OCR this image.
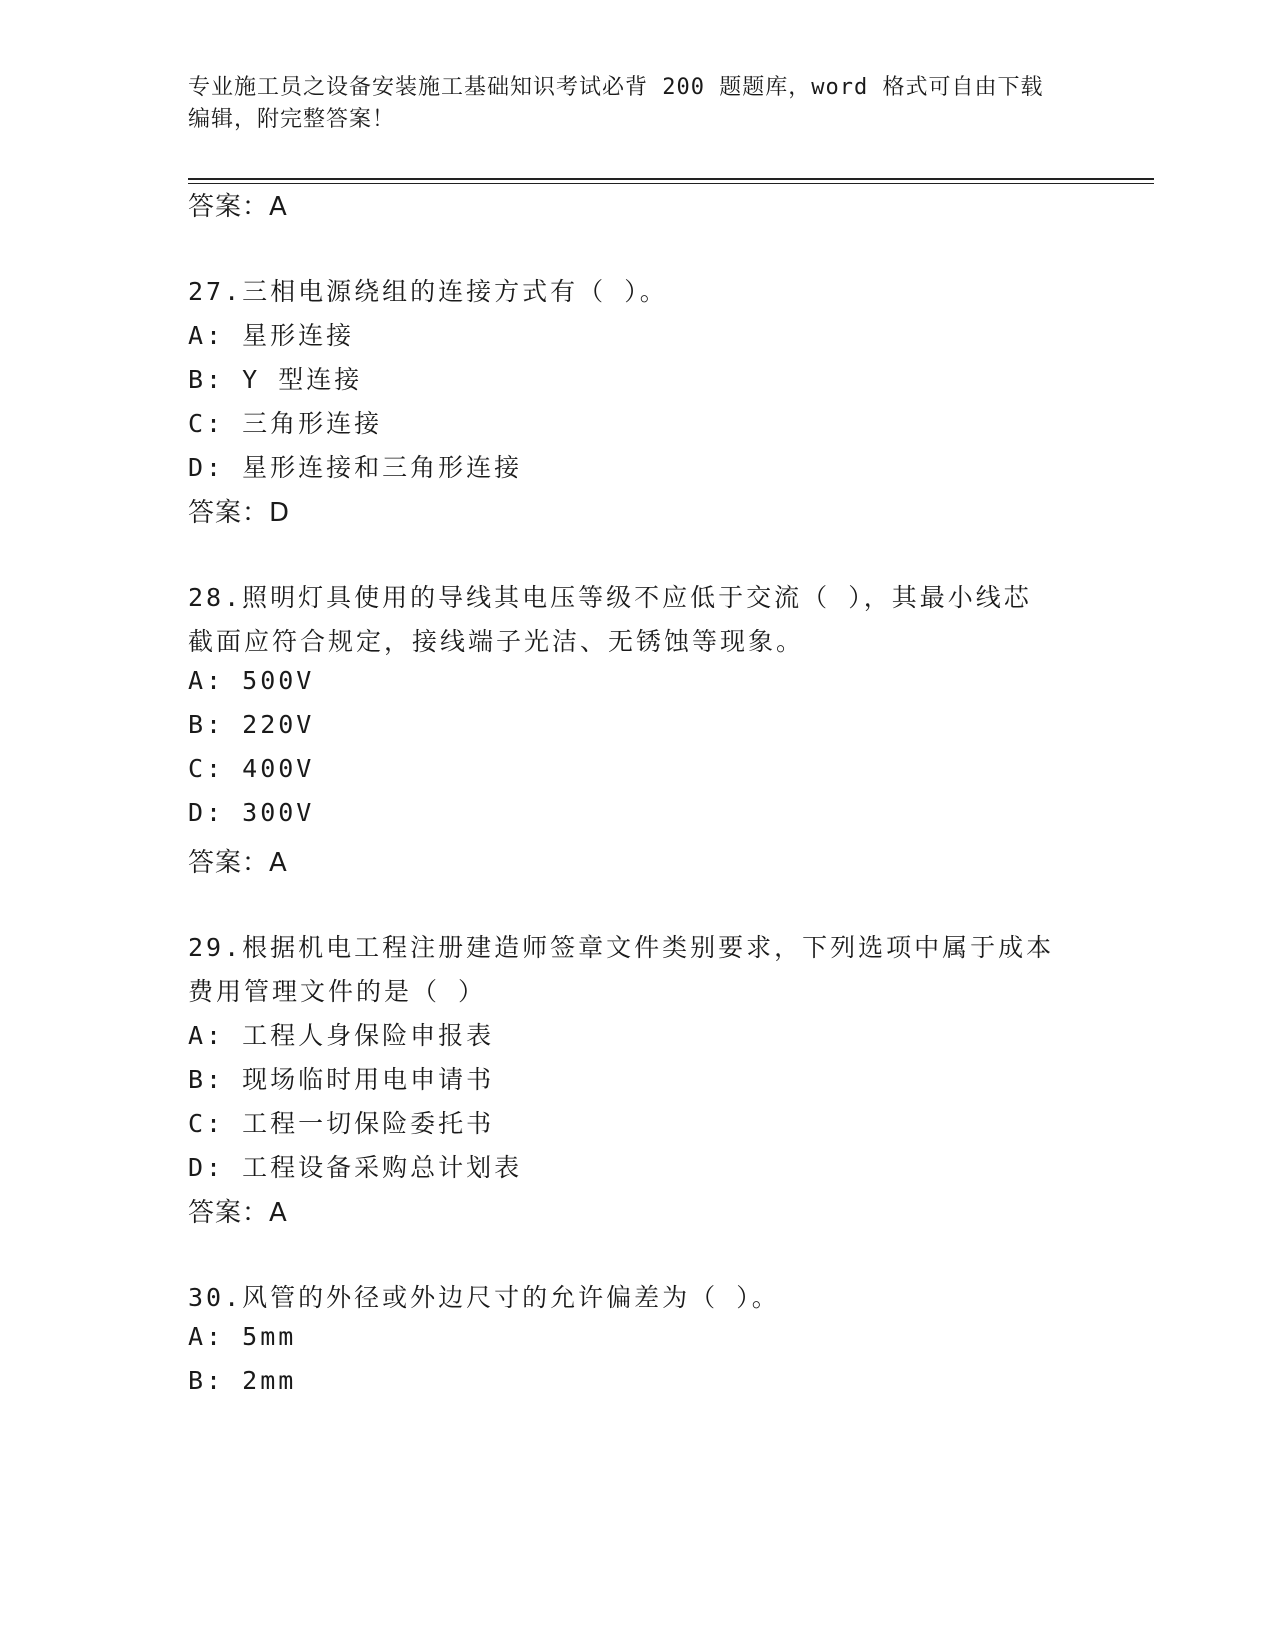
专业施工员之设备安装施工基础知识考试必背 200 题题库，word 格式可自由下载
编辑，附完整答案！
答案：A
27.三相电源绕组的连接方式有（ ）。
A: 星形连接
B: Y 型连接
C: 三角形连接
D: 星形连接和三角形连接
答案：D
28.照明灯具使用的导线其电压等级不应低于交流（ ），其最小线芯
截面应符合规定，接线端子光洁、无锈蚀等现象。
A: 500V
B: 220V
C: 400V
D: 300V
答案：A
29.根据机电工程注册建造师签章文件类别要求，下列选项中属于成本
费用管理文件的是（ ）
A: 工程人身保险申报表
B: 现场临时用电申请书
C: 工程一切保险委托书
D: 工程设备采购总计划表
答案：A
30.风管的外径或外边尺寸的允许偏差为（ ）。
A: 5mm
B: 2mm
